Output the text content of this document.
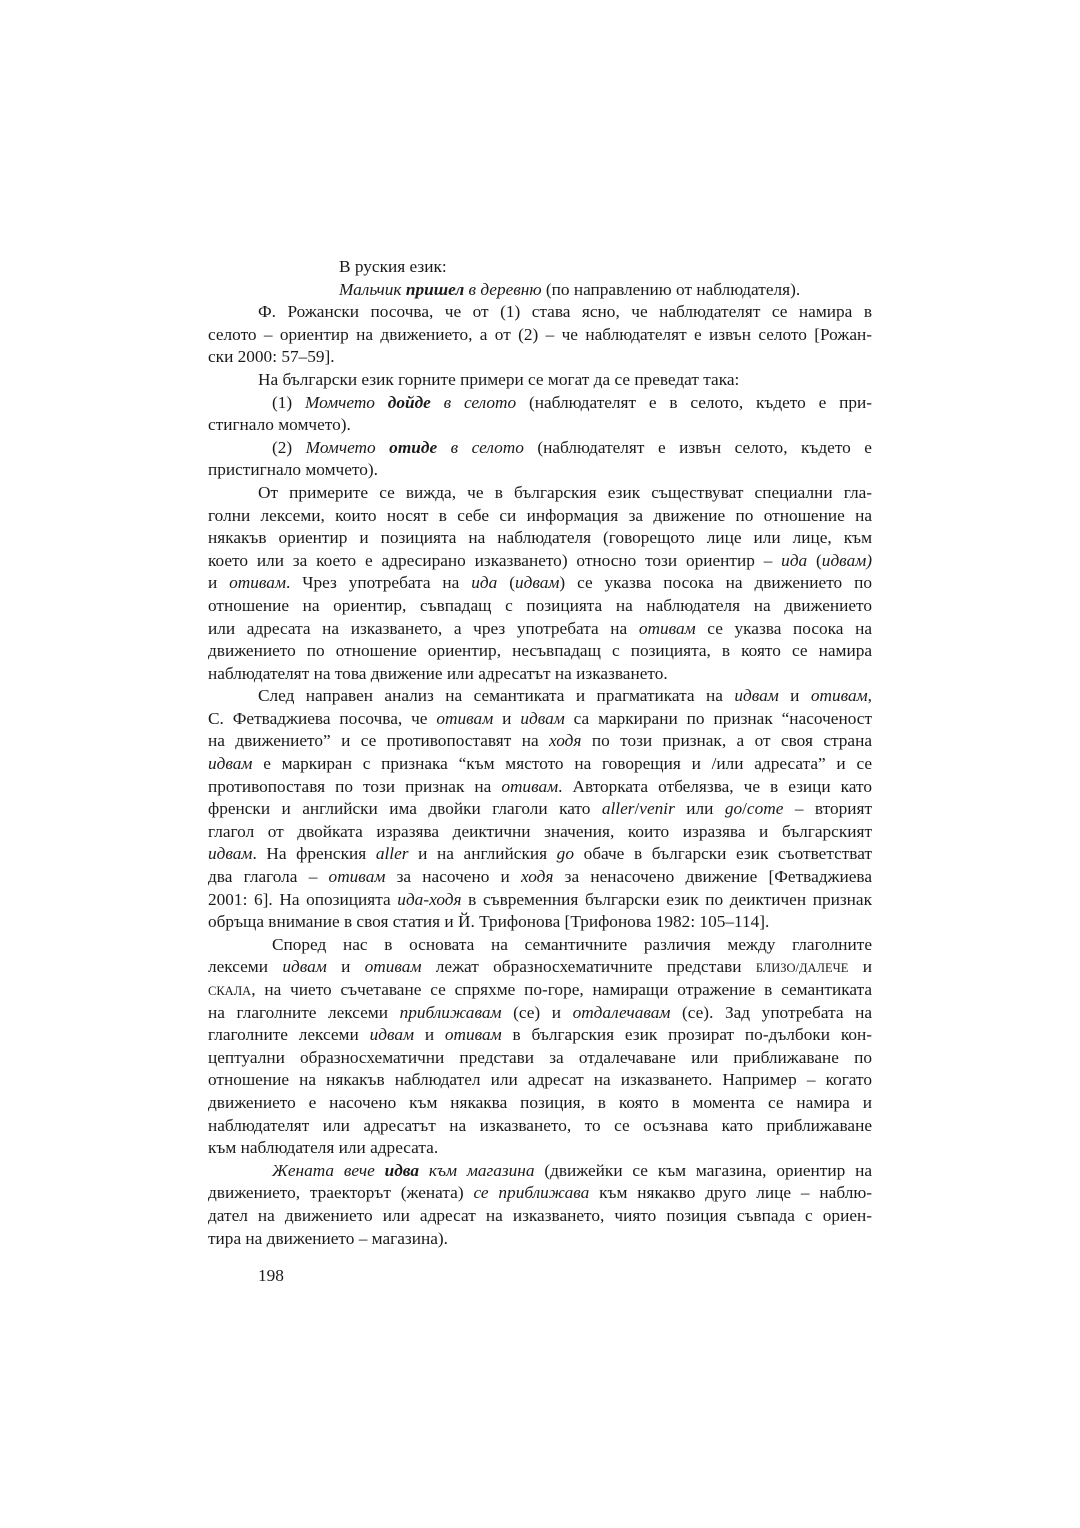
В руския език:
Мальчик пришел в деревню (по направлению от наблюдателя).
Ф. Рожански посочва, че от (1) става ясно, че наблюдателят се намира в
селото – ориентир на движението, а от (2) – че наблюдателят е извън селото [Рожан-
ски 2000: 57–59].
На български език горните примери се могат да се преведат така:
(1) Момчето дойде в селото (наблюдателят е в селото, където е при-
стигнало момчето).
(2) Момчето отиде в селото (наблюдателят е извън селото, където е
пристигнало момчето).
От примерите се вижда, че в българския език съществуват специални гла-
голни лексеми, които носят в себе си информация за движение по отношение на
някакъв ориентир и позицията на наблюдателя (говорещото лице или лице, към
което или за което е адресирано изказването) относно този ориентир – ида (идвам)
и отивам. Чрез употребата на ида (идвам) се указва посока на движението по
отношение на ориентир, съвпадащ с позицията на наблюдателя на движението
или адресата на изказването, а чрез употребата на отивам се указва посока на
движението по отношение ориентир, несъвпадащ с позицията, в която се намира
наблюдателят на това движение или адресатът на изказването.
След направен анализ на семантиката и прагматиката на идвам и отивам,
С. Фетваджиева посочва, че отивам и идвам са маркирани по признак “насоченост
на движението” и се противопоставят на ходя по този признак, а от своя страна
идвам е маркиран с признака “към мястото на говорещия и /или адресата” и се
противопоставя по този признак на отивам. Авторката отбелязва, че в езици като
френски и английски има двойки глаголи като aller/venir или go/come – вторият
глагол от двойката изразява деиктични значения, които изразява и българският
идвам. На френския aller и на английския go обаче в български език съответстват
два глагола – отивам за насочено и ходя за ненасочено движение [Фетваджиева
2001: 6]. На опозицията ида-ходя в съвременния български език по деиктичен признак
обръща внимание в своя статия и Й. Трифонова [Трифонова 1982: 105–114].
Според нас в основата на семантичните различия между глаголните
лексеми идвам и отивам лежат образносхематичните представи БЛИЗО/ДАЛЕЧЕ и
СКАЛА, на чието съчетаване се спряхме по-горе, намиращи отражение в семантиката
на глаголните лексеми приближавам (се) и отдалечавам (се). Зад употребата на
глаголните лексеми идвам и отивам в българския език прозират по-дълбоки кон-
цептуални образносхематични представи за отдалечаване или приближаване по
отношение на някакъв наблюдател или адресат на изказването. Например – когато
движението е насочено към някаква позиция, в която в момента се намира и
наблюдателят или адресатът на изказването, то се осъзнава като приближаване
към наблюдателя или адресата.
Жената вече идва към магазина (движейки се към магазина, ориентир на
движението, траекторът (жената) се приближава към някакво друго лице – наблю-
дател на движението или адресат на изказването, чиято позиция съвпада с ориен-
тира на движението – магазина).
198
